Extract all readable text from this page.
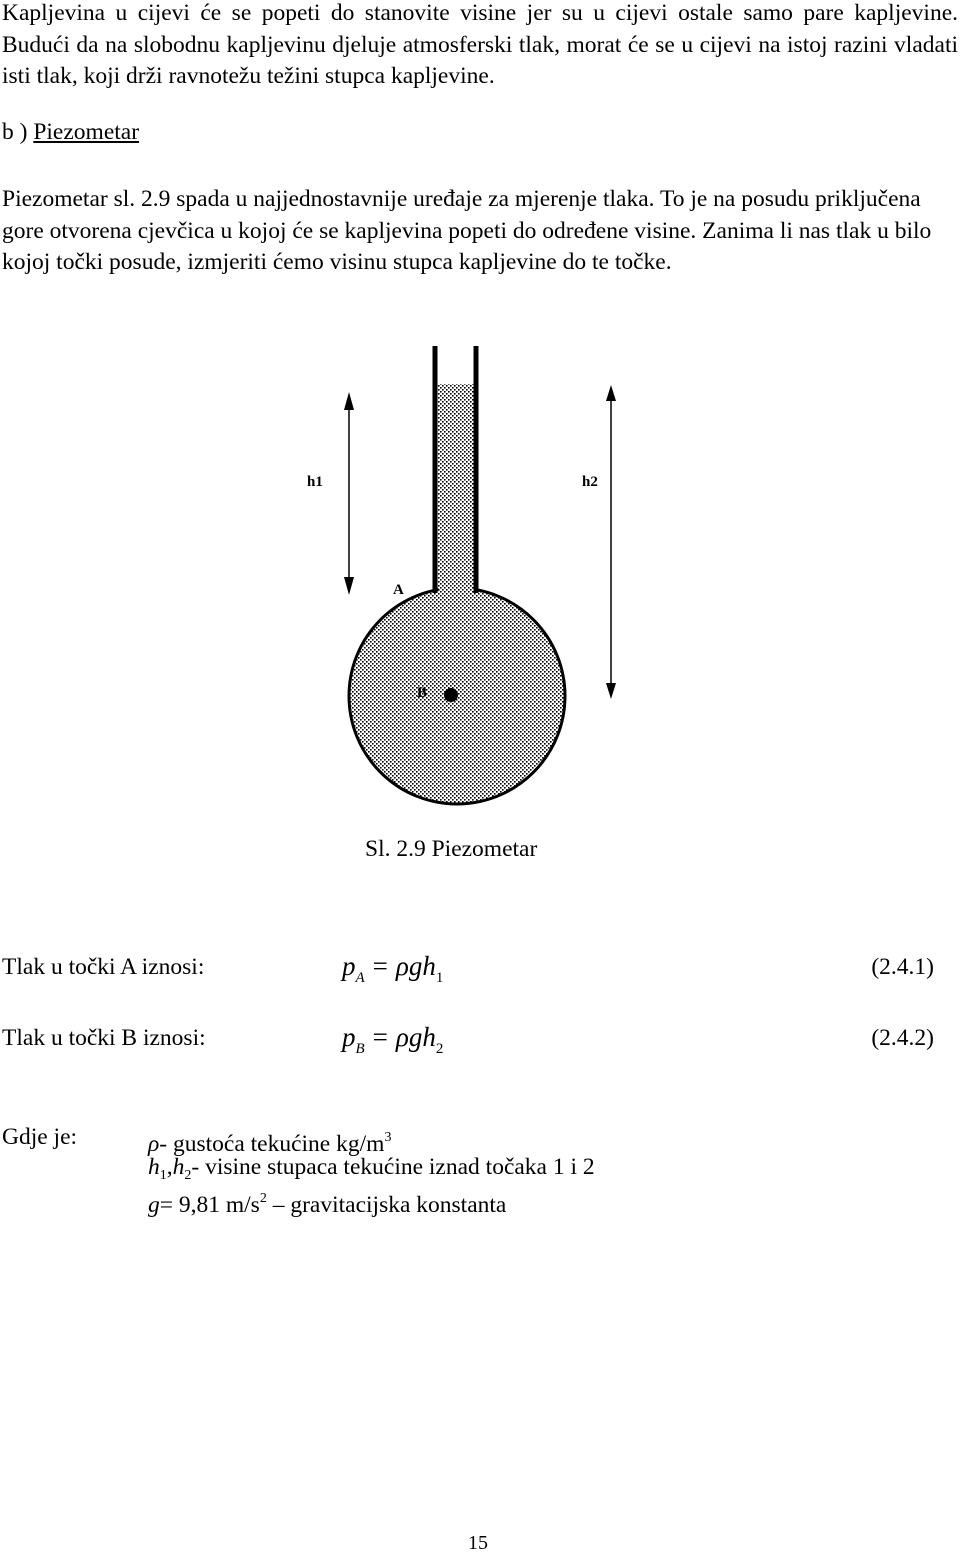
Kapljevina u cijevi će se popeti do stanovite visine jer su u cijevi ostale samo pare kapljevine. Budući da na slobodnu kapljevinu djeluje atmosferski tlak, morat će se u cijevi na istoj razini vladati isti tlak, koji drži ravnotežu težini stupca kapljevine.

b ) Piezometar

Piezometar sl. 2.9 spada u najjednostavnije uređaje za mjerenje tlaka. To je na posudu priključena gore otvorena cjevčica u kojoj će se kapljevina popeti do određene visine. Zanima li nas tlak u bilo kojoj točki posude, izmjeriti ćemo visinu stupca kapljevine do te točke.

h1	h2
A
B
Sl. 2.9 Piezometar
Tlak u točki A iznosi:	$p_A = \rho gh_1$	(2.4.1)
Tlak u točki B iznosi:	$p_B = \rho gh_2$	(2.4.2)
Gdje je:	ρ- gustoća tekućine $kg/m^3$
$h_1,h_2-$ visine stupaca tekućine iznad točaka 1 i 2
g= 9,81 $m/s^2$ – gravitacijska konstanta
15
